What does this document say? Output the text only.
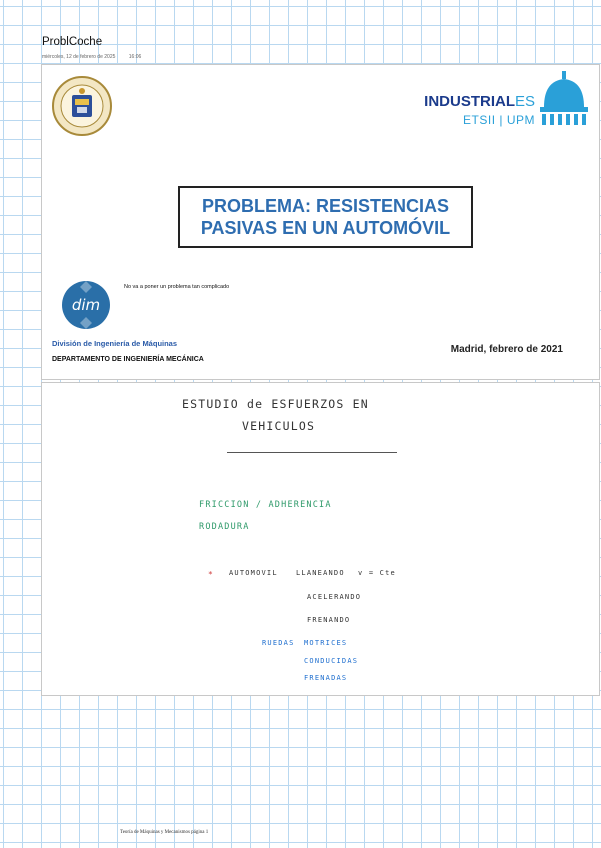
ProblCoche
miércoles, 12 de febrero de 2025	16:06
INDUSTRIALES
ETSII | UPM
PROBLEMA: RESISTENCIAS
PASIVAS EN UN AUTOMÓVIL
dim
No va a poner un problema tan complicado
División de Ingeniería de Máquinas
DEPARTAMENTO DE INGENIERÍA MECÁNICA
Madrid, febrero de 2021
ESTUDIO de ESFUERZOS EN
VEHICULOS
FRICCION / ADHERENCIA
RODADURA
* AUTOMOVIL	LLANEANDO v = Cte
ACELERANDO
FRENANDO
RUEDAS MOTRICES
CONDUCIDAS
FRENADAS
Teoría de Máquinas y Mecanismos página 1
